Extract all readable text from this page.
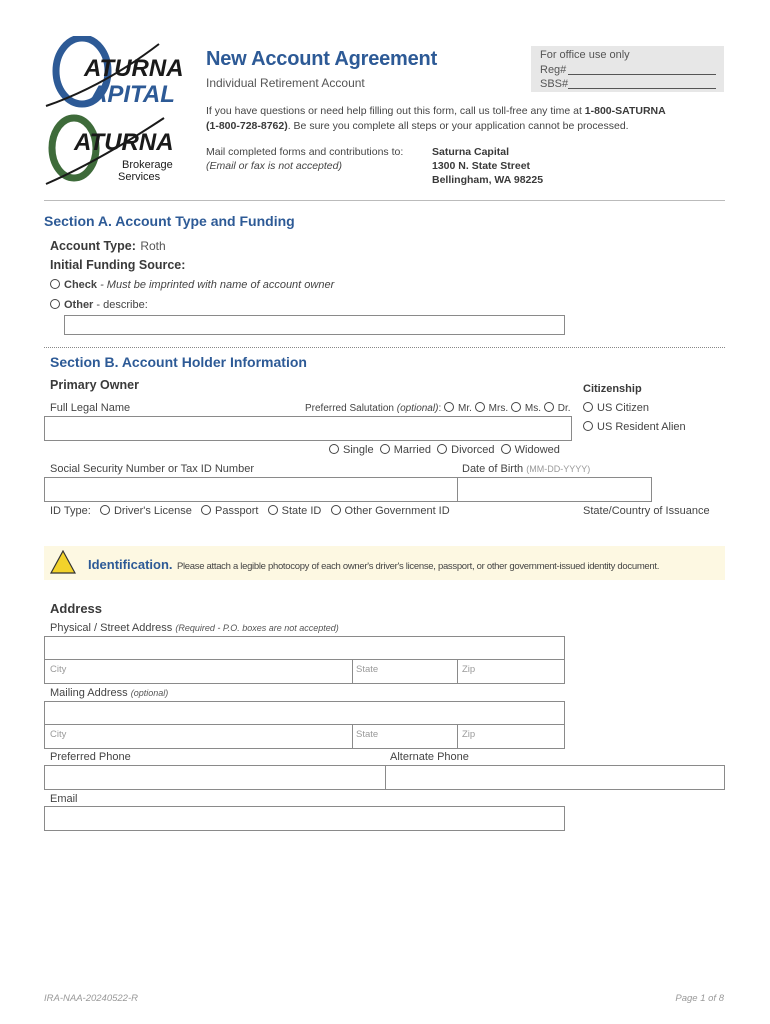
ATURNA
APITAL
ATURNA
Brokerage
Services
New Account Agreement
Individual Retirement Account
For office use only
Reg#
SBS#
If you have questions or need help filling out this form, call us toll-free any time at 1-800-SATURNA
(1-800-728-8762). Be sure you complete all steps or your application cannot be processed.
Mail completed forms and contributions to:
(Email or fax is not accepted)
Saturna Capital
1300 N. State Street
Bellingham, WA 98225
Section A. Account Type and Funding
Account Type: Roth
Initial Funding Source:
Check - Must be imprinted with name of account owner
Other - describe:
Section B. Account Holder Information
Primary Owner	Citizenship
Full Legal Name	Preferred Salutation (optional): Mr. Mrs. Ms. Dr.	US Citizen
US Resident Alien
Single Married Divorced Widowed
Social Security Number or Tax ID Number	Date of Birth (MM-DD-YYYY)
ID Type: Driver's License Passport State ID Other Government ID	State/Country of Issuance
Identification. Please attach a legible photocopy of each owner's driver's license, passport, or other government-issued identity document.
Address
Physical / Street Address (Required - P.O. boxes are not accepted)
City	State	Zip
Mailing Address (optional)
City	State	Zip
Preferred Phone	Alternate Phone
Email
IRA-NAA-20240522-R	Page 1 of 8
